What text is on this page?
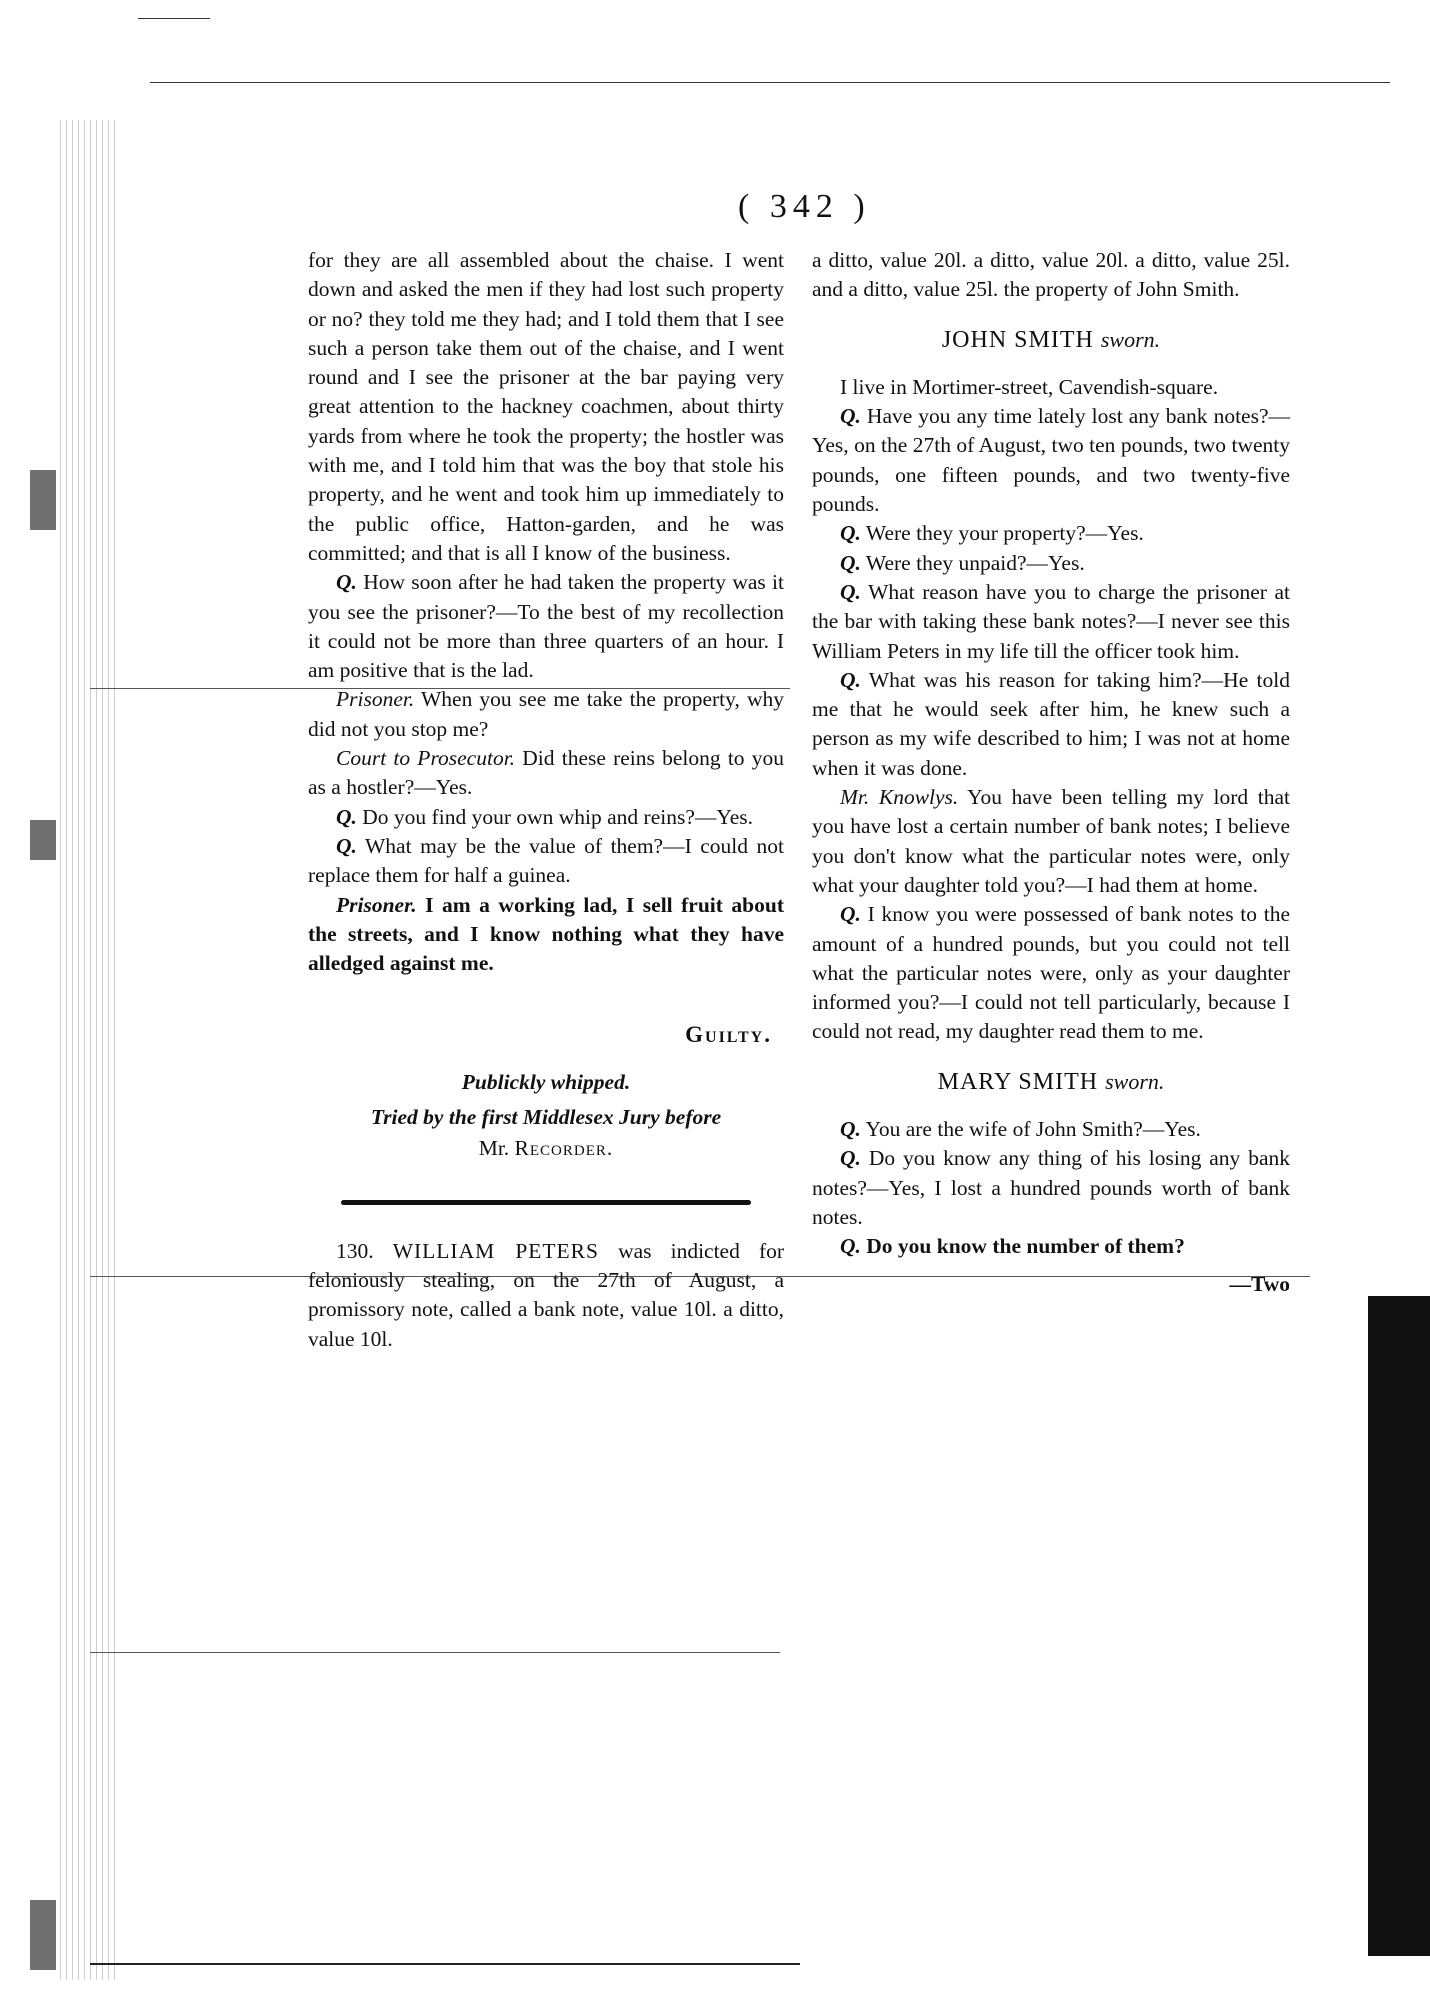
( 342 )

for they are all assembled about the chaise. I went down and asked the men if they had lost such property or no? they told me they had; and I told them that I see such a person take them out of the chaise, and I went round and I see the prisoner at the bar paying very great attention to the hackney coachmen, about thirty yards from where he took the property; the hostler was with me, and I told him that was the boy that stole his property, and he went and took him up immediately to the public office, Hatton-garden, and he was committed; and that is all I know of the business.

Q. How soon after he had taken the property was it you see the prisoner?—To the best of my recollection it could not be more than three quarters of an hour. I am positive that is the lad.

Prisoner. When you see me take the property, why did not you stop me?

Court to Prosecutor. Did these reins belong to you as a hostler?—Yes.

Q. Do you find your own whip and reins?—Yes.

Q. What may be the value of them?—I could not replace them for half a guinea.

Prisoner. I am a working lad, I sell fruit about the streets, and I know nothing what they have alledged against me.

Guilty.

Publickly whipped.

Tried by the first Middlesex Jury before

Mr. Recorder.

130. WILLIAM PETERS was indicted for feloniously stealing, on the 27th of August, a promissory note, called a bank note, value 10l. a ditto, value 10l.

a ditto, value 20l. a ditto, value 20l. a ditto, value 25l. and a ditto, value 25l. the property of John Smith.

JOHN SMITH sworn.

I live in Mortimer-street, Cavendish-square.

Q. Have you any time lately lost any bank notes?—Yes, on the 27th of August, two ten pounds, two twenty pounds, one fifteen pounds, and two twenty-five pounds.

Q. Were they your property?—Yes.

Q. Were they unpaid?—Yes.

Q. What reason have you to charge the prisoner at the bar with taking these bank notes?—I never see this William Peters in my life till the officer took him.

Q. What was his reason for taking him?—He told me that he would seek after him, he knew such a person as my wife described to him; I was not at home when it was done.

Mr. Knowlys. You have been telling my lord that you have lost a certain number of bank notes; I believe you don't know what the particular notes were, only what your daughter told you?—I had them at home.

Q. I know you were possessed of bank notes to the amount of a hundred pounds, but you could not tell what the particular notes were, only as your daughter informed you?—I could not tell particularly, because I could not read, my daughter read them to me.

MARY SMITH sworn.

Q. You are the wife of John Smith?—Yes.

Q. Do you know any thing of his losing any bank notes?—Yes, I lost a hundred pounds worth of bank notes.

Q. Do you know the number of them?

—Two
